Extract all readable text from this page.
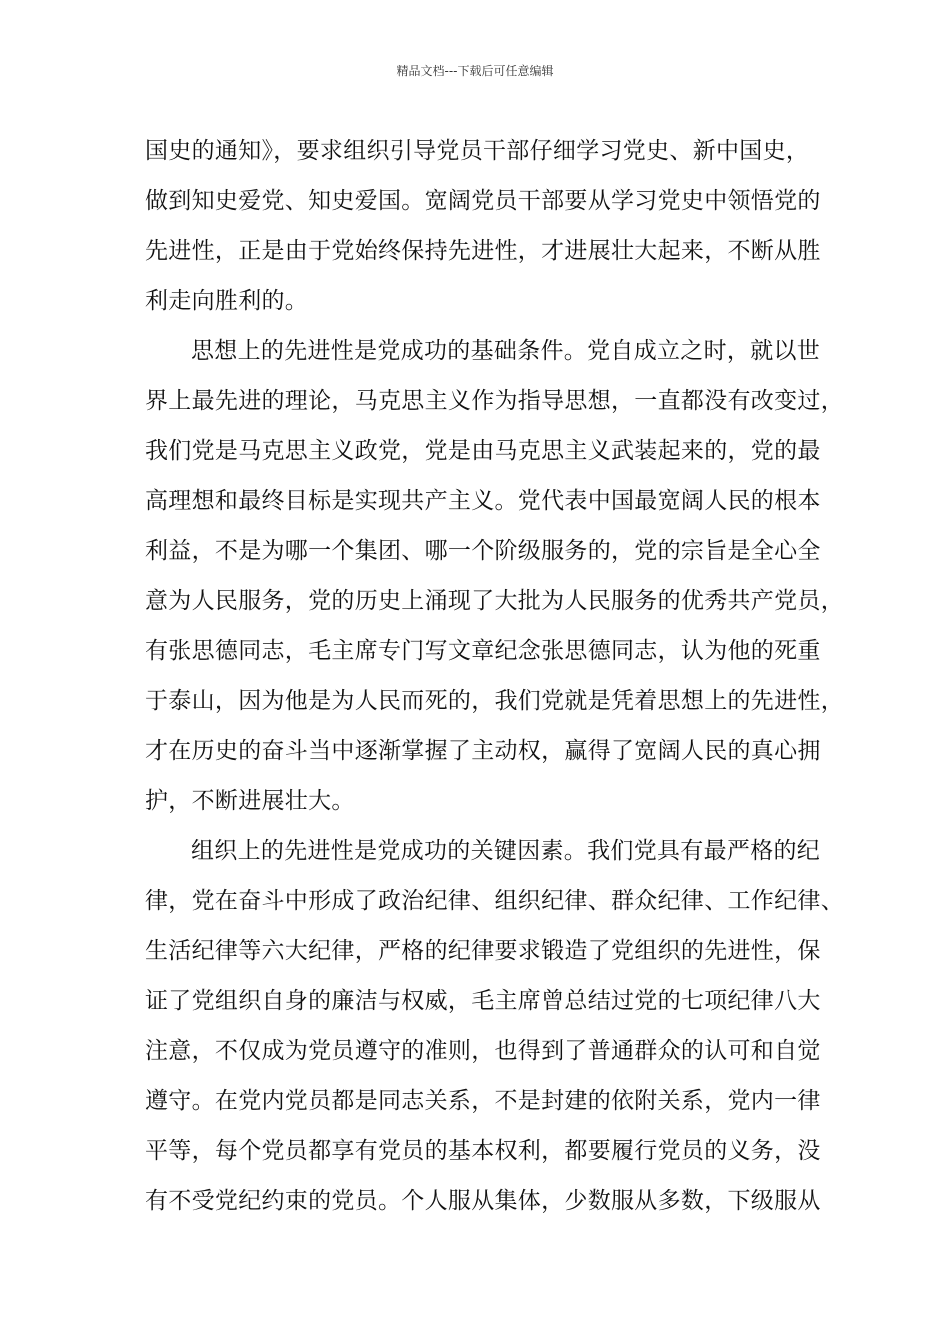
精品文档---下载后可任意编辑
国史的通知》，要求组织引导党员干部仔细学习党史、新中国史，
做到知史爱党、知史爱国。宽阔党员干部要从学习党史中领悟党的
先进性，正是由于党始终保持先进性，才进展壮大起来，不断从胜
利走向胜利的。
思想上的先进性是党成功的基础条件。党自成立之时，就以世
界上最先进的理论，马克思主义作为指导思想，一直都没有改变过，
我们党是马克思主义政党，党是由马克思主义武装起来的，党的最
高理想和最终目标是实现共产主义。党代表中国最宽阔人民的根本
利益，不是为哪一个集团、哪一个阶级服务的，党的宗旨是全心全
意为人民服务，党的历史上涌现了大批为人民服务的优秀共产党员，
有张思德同志，毛主席专门写文章纪念张思德同志，认为他的死重
于泰山，因为他是为人民而死的，我们党就是凭着思想上的先进性，
才在历史的奋斗当中逐渐掌握了主动权，赢得了宽阔人民的真心拥
护，不断进展壮大。
组织上的先进性是党成功的关键因素。我们党具有最严格的纪
律，党在奋斗中形成了政治纪律、组织纪律、群众纪律、工作纪律、
生活纪律等六大纪律，严格的纪律要求锻造了党组织的先进性，保
证了党组织自身的廉洁与权威，毛主席曾总结过党的七项纪律八大
注意，不仅成为党员遵守的准则，也得到了普通群众的认可和自觉
遵守。在党内党员都是同志关系，不是封建的依附关系，党内一律
平等，每个党员都享有党员的基本权利，都要履行党员的义务，没
有不受党纪约束的党员。个人服从集体，少数服从多数，下级服从
